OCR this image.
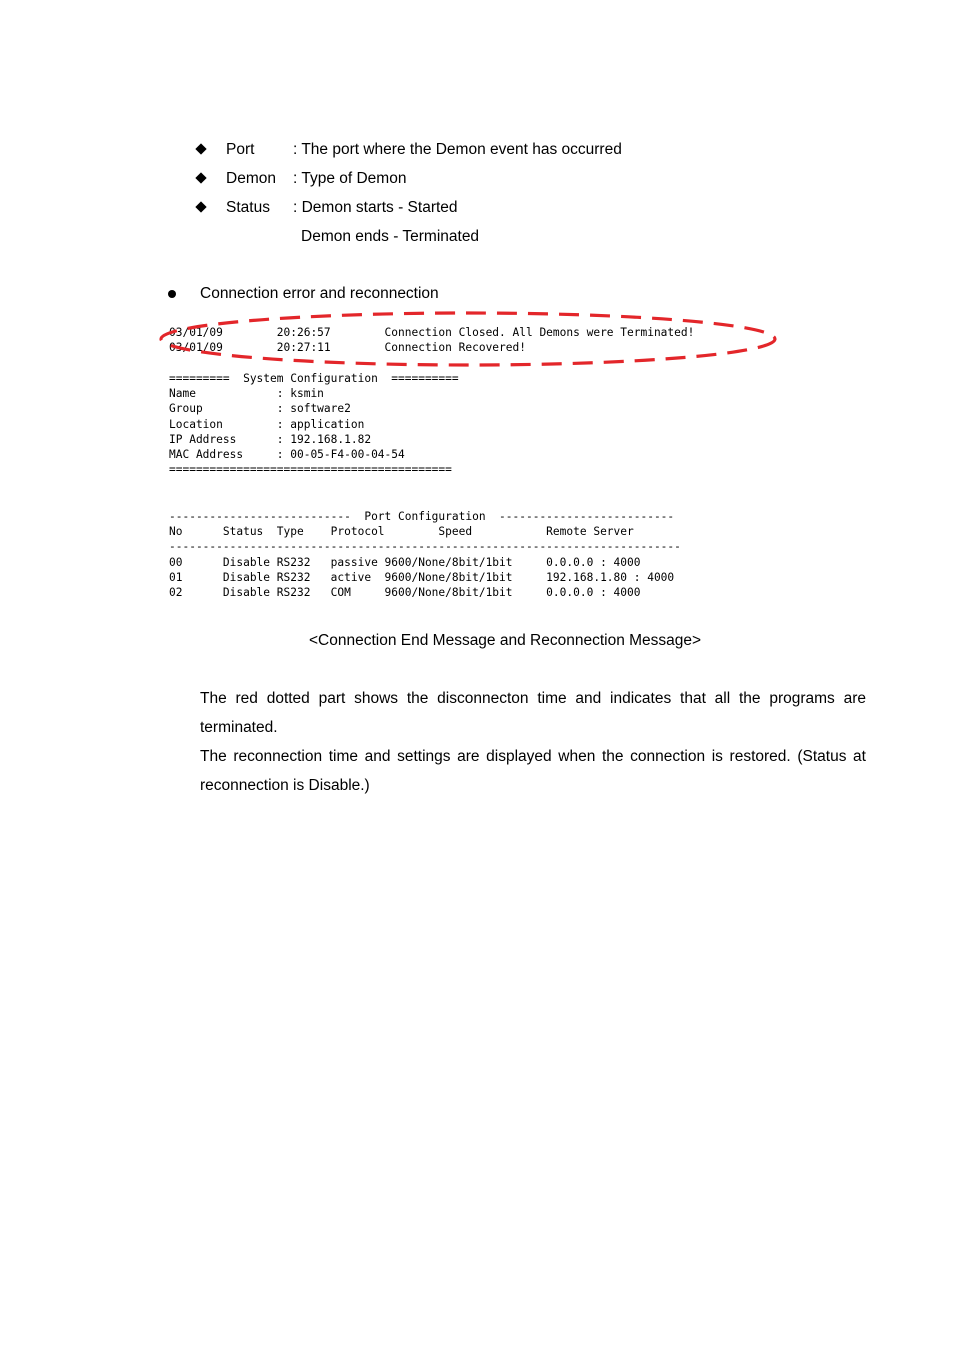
Port : The port where the Demon event has occurred
Demon : Type of Demon
Status : Demon starts - Started
Demon ends - Terminated
Connection error and reconnection
03/01/09        20:26:57        Connection Closed. All Demons were Terminated!
03/01/09        20:27:11        Connection Recovered!
=========  System Configuration  ==========
Name            : ksmin
Group           : software2
Location        : application
IP Address      : 192.168.1.82
MAC Address     : 00-05-F4-00-04-54
==========================================
---------------------------  Port Configuration  --------------------------
No      Status  Type    Protocol        Speed           Remote Server
----------------------------------------------------------------------------
00      Disable RS232   passive 9600/None/8bit/1bit     0.0.0.0 : 4000
01      Disable RS232   active  9600/None/8bit/1bit     192.168.1.80 : 4000
02      Disable RS232   COM     9600/None/8bit/1bit     0.0.0.0 : 4000
<Connection End Message and Reconnection Message>
The red dotted part shows the disconnecton time and indicates that all the programs are
terminated.
The reconnection time and settings are displayed when the connection is restored. (Status at
reconnection is Disable.)
